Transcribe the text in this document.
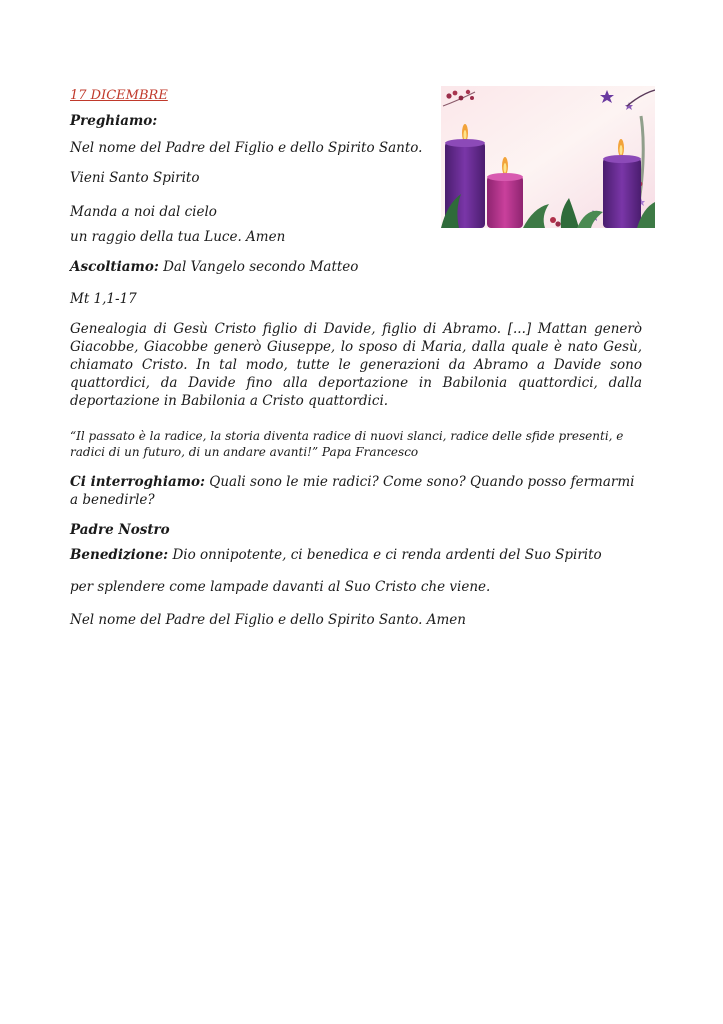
17 DICEMBRE
Preghiamo:
Nel nome del Padre del Figlio e dello Spirito Santo.
Vieni Santo Spirito
Manda a noi dal cielo
un raggio della tua Luce. Amen
Ascoltiamo: Dal Vangelo secondo Matteo
Mt 1,1-17
Genealogia di Gesù Cristo figlio di Davide, figlio di Abramo. [...] Mattan generò Giacobbe, Giacobbe generò Giuseppe, lo sposo di Maria, dalla quale è nato Gesù, chiamato Cristo. In tal modo, tutte le generazioni da Abramo a Davide sono quattordici, da Davide fino alla deportazione in Babilonia quattordici, dalla deportazione in Babilonia a Cristo quattordici.
“Il passato è la radice, la storia diventa radice di nuovi slanci, radice delle sfide presenti, e radici di un futuro, di un andare avanti!” Papa Francesco
Ci interroghiamo: Quali sono le mie radici? Come sono? Quando posso fermarmi a benedirle?
Padre Nostro
Benedizione: Dio onnipotente, ci benedica e ci renda ardenti del Suo Spirito
per splendere come lampade davanti al Suo Cristo che viene.
Nel nome del Padre del Figlio e dello Spirito Santo. Amen
